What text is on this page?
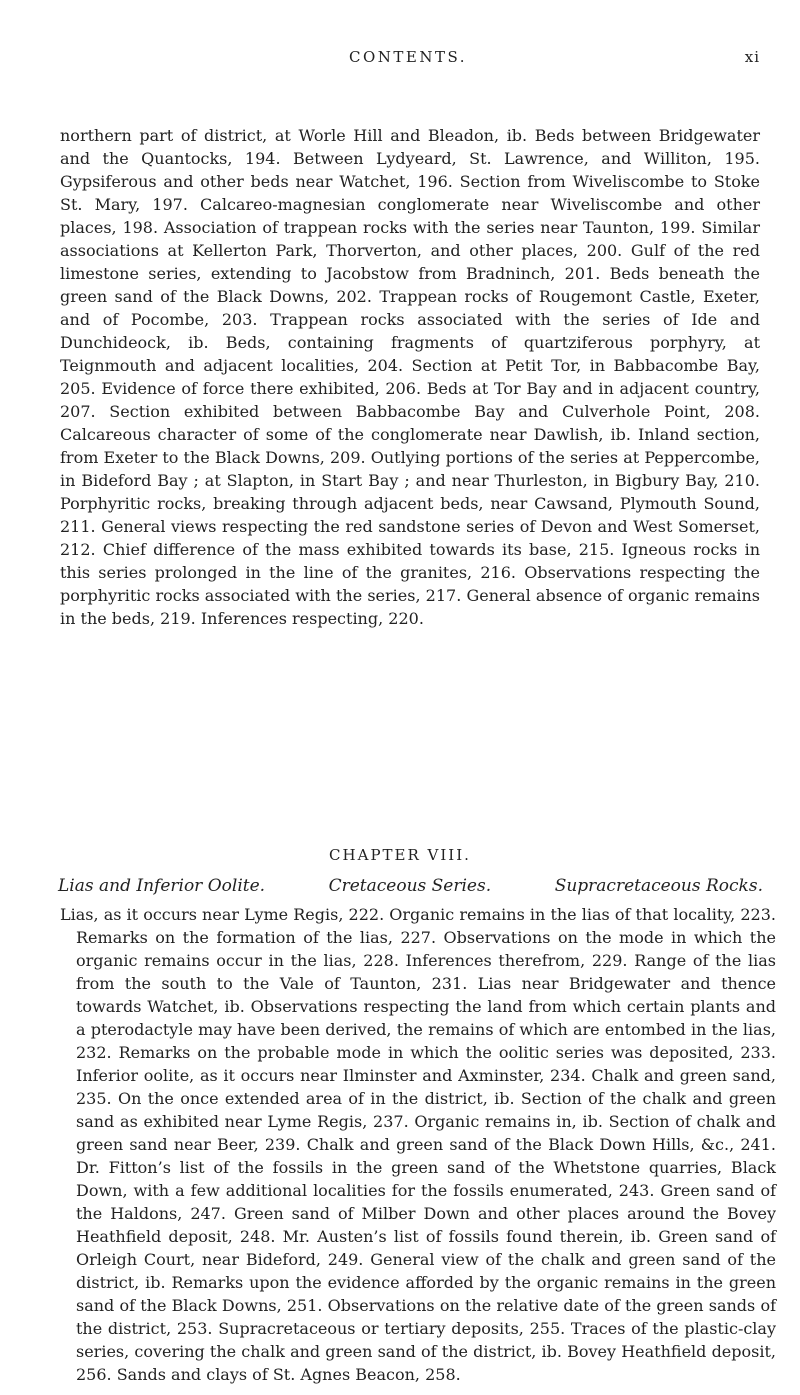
CONTENTS.	xi

northern part of district, at Worle Hill and Bleadon, ib. Beds between Bridgewater and the Quantocks, 194. Between Lydyeard, St. Lawrence, and Williton, 195. Gypsiferous and other beds near Watchet, 196. Section from Wiveliscombe to Stoke St. Mary, 197. Calcareo-magnesian conglomerate near Wiveliscombe and other places, 198. Association of trappean rocks with the series near Taunton, 199. Similar associations at Kellerton Park, Thorverton, and other places, 200. Gulf of the red limestone series, extending to Jacobstow from Bradninch, 201. Beds beneath the green sand of the Black Downs, 202. Trappean rocks of Rougemont Castle, Exeter, and of Pocombe, 203. Trappean rocks associated with the series of Ide and Dunchideock, ib. Beds, containing fragments of quartziferous porphyry, at Teignmouth and adjacent localities, 204. Section at Petit Tor, in Babbacombe Bay, 205. Evidence of force there exhibited, 206. Beds at Tor Bay and in adjacent country, 207. Section exhibited between Babbacombe Bay and Culverhole Point, 208. Calcareous character of some of the conglomerate near Dawlish, ib. Inland section, from Exeter to the Black Downs, 209. Outlying portions of the series at Peppercombe, in Bideford Bay ; at Slapton, in Start Bay ; and near Thurleston, in Bigbury Bay, 210. Porphyritic rocks, breaking through adjacent beds, near Cawsand, Plymouth Sound, 211. General views respecting the red sandstone series of Devon and West Somerset, 212. Chief difference of the mass exhibited towards its base, 215. Igneous rocks in this series prolonged in the line of the granites, 216. Observations respecting the porphyritic rocks associated with the series, 217. General absence of organic remains in the beds, 219. Inferences respecting, 220.

CHAPTER VIII.
Lias and Inferior Oolite.	Cretaceous Series.	Supracretaceous Rocks.

Lias, as it occurs near Lyme Regis, 222. Organic remains in the lias of that locality, 223. Remarks on the formation of the lias, 227. Observations on the mode in which the organic remains occur in the lias, 228. Inferences therefrom, 229. Range of the lias from the south to the Vale of Taunton, 231. Lias near Bridgewater and thence towards Watchet, ib. Observations respecting the land from which certain plants and a pterodactyle may have been derived, the remains of which are entombed in the lias, 232. Remarks on the probable mode in which the oolitic series was deposited, 233. Inferior oolite, as it occurs near Ilminster and Axminster, 234. Chalk and green sand, 235. On the once extended area of in the district, ib. Section of the chalk and green sand as exhibited near Lyme Regis, 237. Organic remains in, ib. Section of chalk and green sand near Beer, 239. Chalk and green sand of the Black Down Hills, &c., 241. Dr. Fitton’s list of the fossils in the green sand of the Whetstone quarries, Black Down, with a few additional localities for the fossils enumerated, 243. Green sand of the Haldons, 247. Green sand of Milber Down and other places around the Bovey Heathfield deposit, 248. Mr. Austen’s list of fossils found therein, ib. Green sand of Orleigh Court, near Bideford, 249. General view of the chalk and green sand of the district, ib. Remarks upon the evidence afforded by the organic remains in the green sand of the Black Downs, 251. Observations on the relative date of the green sands of the district, 253. Supracretaceous or tertiary deposits, 255. Traces of the plastic-clay series, covering the chalk and green sand of the district, ib. Bovey Heathfield deposit, 256. Sands and clays of St. Agnes Beacon, 258.
